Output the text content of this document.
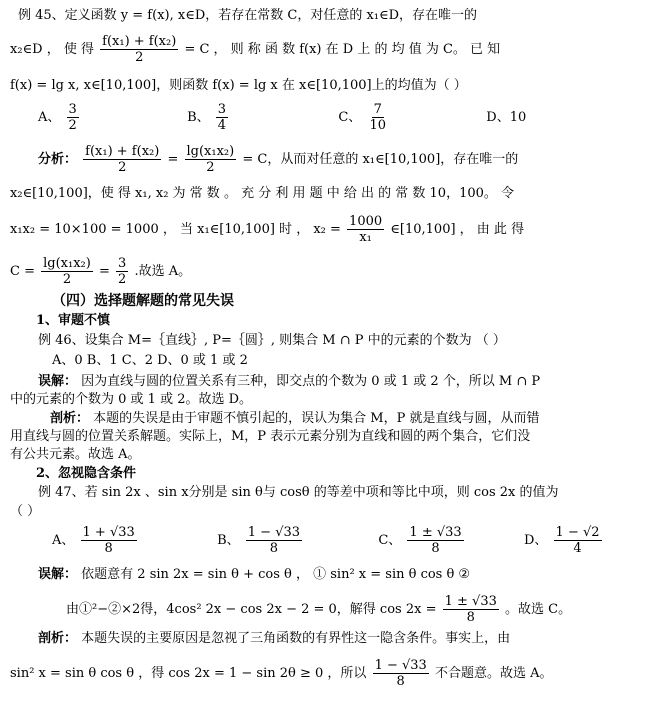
例 45、定义函数 y = f(x), x∈D，若存在常数 C，对任意的 x₁∈D，存在唯一的
x₂∈D ， 使 得 $\frac{\text{f(x₁) + f(x₂)}}{2} = C$ ， 则 称 函 数 f(x) 在 D 上 的 均 值 为 C。 已 知
f(x) = lg x, x∈[10,100]，则函数 f(x) = lg x 在 x∈[10,100]上的均值为（ ）
A、 $\frac{3}{2}$	B、 $\frac{3}{4}$	C、 $\frac{7}{10}$	D、10
分析： $\frac{\text{f(x₁) + f(x₂)}}{2} = \frac{\text{lg(x₁x₂)}}{2} = C$，从而对任意的 x₁∈[10,100]，存在唯一的
x₂∈[10,100]，使 得 x₁, x₂ 为 常 数 。 充 分 利 用 题 中 给 出 的 常 数 10，100。 令
x₁x₂ = 10×100 = 1000 ， 当 x₁∈[10,100] 时 ， $x_2 = \frac{1000}{\text{x₁}}$ ∈[10,100] ， 由 此 得
$C = \frac{\text{lg(x₁x₂)}}{2} = \frac{3}{2}$ .故选 A。
（四）选择题解题的常见失误
1、审题不慎
例 46、设集合 M=｛直线｝, P=｛圆｝, 则集合 M ∩ P 中的元素的个数为 （ ）
A、0 B、1 C、2 D、0 或 1 或 2
误解： 因为直线与圆的位置关系有三种，即交点的个数为 0 或 1 或 2 个，所以 M ∩ P
中的元素的个数为 0 或 1 或 2。故选 D。
剖析： 本题的失误是由于审题不慎引起的，误认为集合 M，P 就是直线与圆，从而错
用直线与圆的位置关系解题。实际上，M，P 表示元素分别为直线和圆的两个集合，它们没
有公共元素。故选 A。
2、忽视隐含条件
例 47、若 sin 2x 、sin x分别是 sin θ与 cosθ 的等差中项和等比中项，则 cos 2x 的值为
（ ）
A、 $\frac{1 + √33}{8}$	B、 $\frac{1 - √33}{8}$	C、 $\frac{1 \pm √33}{8}$	D、 $\frac{1 - √2}{4}$
误解： 依题意有 2 sin 2x = sin θ + cos θ ， ① sin² x = sin θ cos θ ②
由①²−②×2得，4cos² 2x − cos 2x − 2 = 0，解得 $\cos 2x = \frac{1 \pm √33}{8}$ 。故选 C。
剖析： 本题失误的主要原因是忽视了三角函数的有界性这一隐含条件。事实上，由
sin² x = sin θ cos θ ，得 cos 2x = 1 − sin 2θ ≥ 0 ，所以 $\frac{1 - √33}{8}$ 不合题意。故选 A。
